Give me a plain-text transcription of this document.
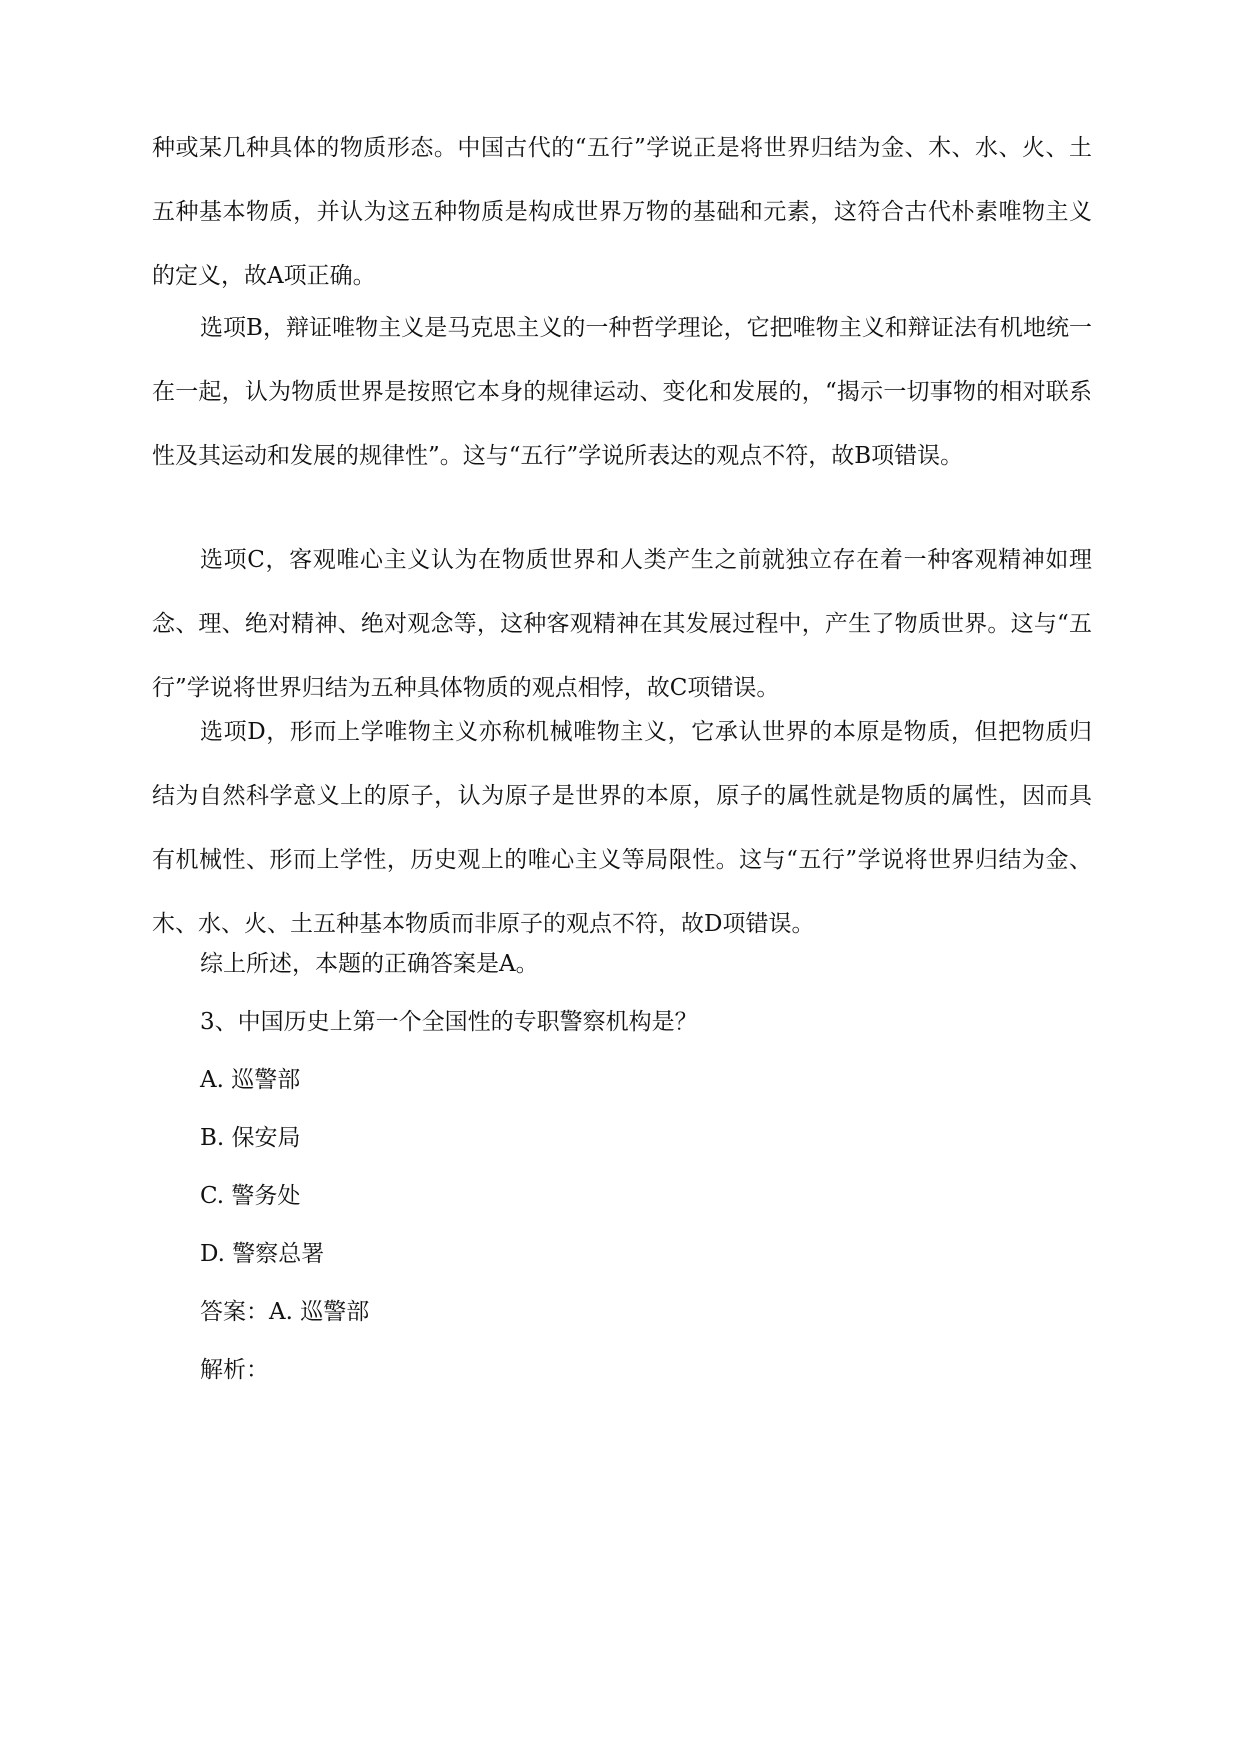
种或某几种具体的物质形态。中国古代的“五行”学说正是将世界归结为金、木、水、火、土五种基本物质，并认为这五种物质是构成世界万物的基础和元素，这符合古代朴素唯物主义的定义，故A项正确。

选项B，辩证唯物主义是马克思主义的一种哲学理论，它把唯物主义和辩证法有机地统一在一起，认为物质世界是按照它本身的规律运动、变化和发展的，“揭示一切事物的相对联系性及其运动和发展的规律性”。这与“五行”学说所表达的观点不符，故B项错误。

选项C，客观唯心主义认为在物质世界和人类产生之前就独立存在着一种客观精神如理念、理、绝对精神、绝对观念等，这种客观精神在其发展过程中，产生了物质世界。这与“五行”学说将世界归结为五种具体物质的观点相悖，故C项错误。

选项D，形而上学唯物主义亦称机械唯物主义，它承认世界的本原是物质，但把物质归结为自然科学意义上的原子，认为原子是世界的本原，原子的属性就是物质的属性，因而具有机械性、形而上学性，历史观上的唯心主义等局限性。这与“五行”学说将世界归结为金、木、水、火、土五种基本物质而非原子的观点不符，故D项错误。

综上所述，本题的正确答案是A。

3、中国历史上第一个全国性的专职警察机构是？

A. 巡警部

B. 保安局

C. 警务处

D. 警察总署

答案：A. 巡警部

解析：
